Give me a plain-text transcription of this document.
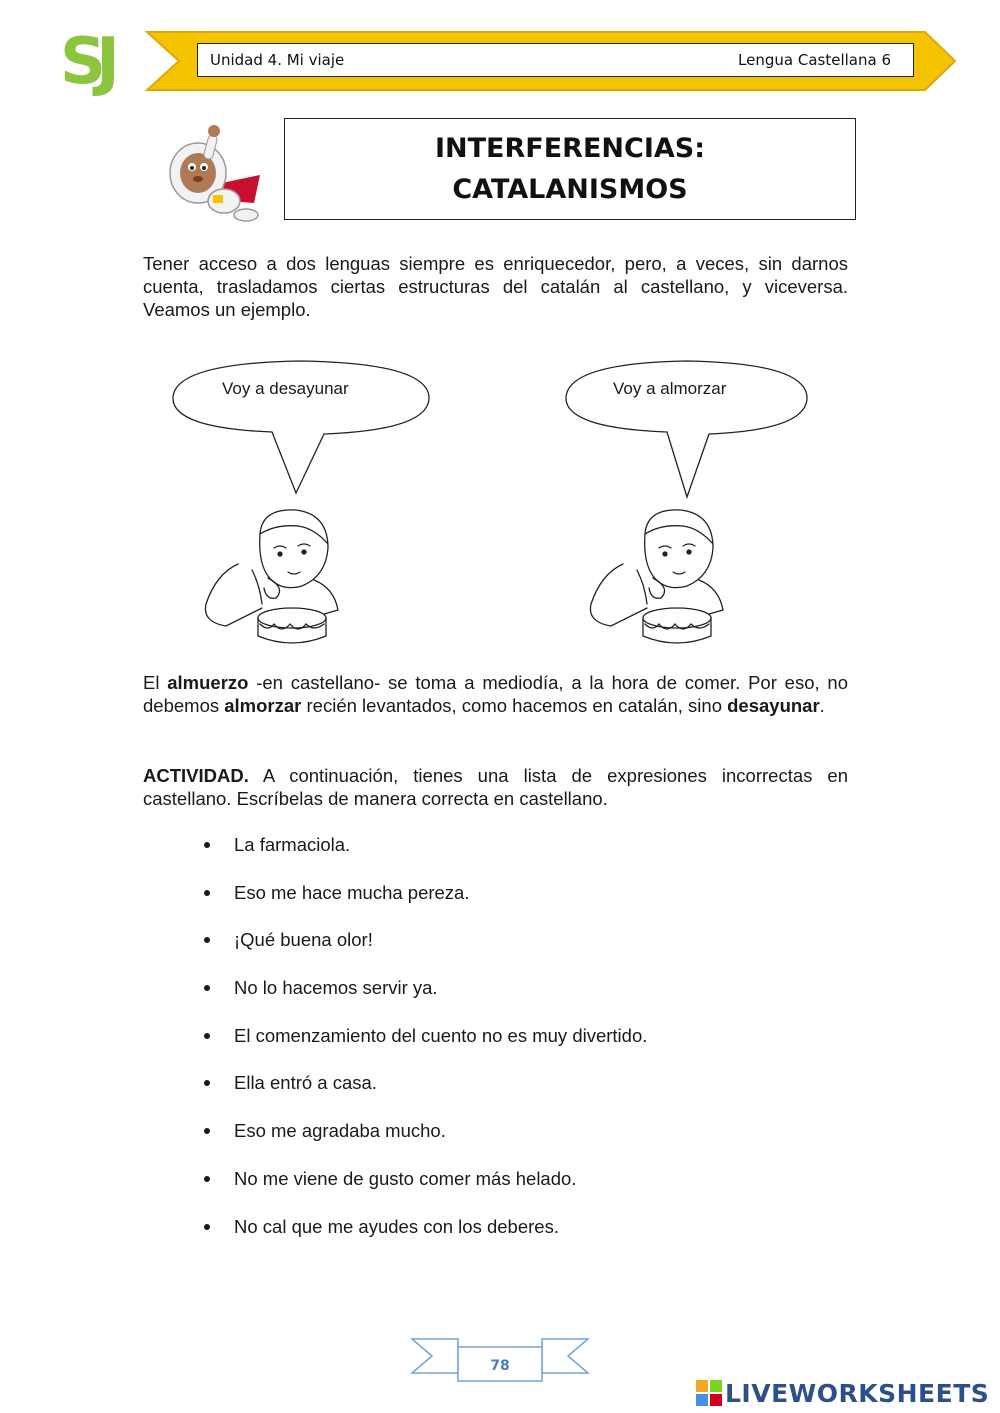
SJ	Unidad 4. Mi viaje	Lengua Castellana 6
INTERFERENCIAS:
CATALANISMOS
Tener acceso a dos lenguas siempre es enriquecedor, pero, a veces, sin darnos cuenta, trasladamos ciertas estructuras del catalán al castellano, y viceversa. Veamos un ejemplo.
Voy a desayunar	Voy a almorzar
El almuerzo -en castellano- se toma a mediodía, a la hora de comer. Por eso, no debemos almorzar recién levantados, como hacemos en catalán, sino desayunar.
ACTIVIDAD. A continuación, tienes una lista de expresiones incorrectas en castellano. Escríbelas de manera correcta en castellano.
La farmaciola.
Eso me hace mucha pereza.
¡Qué buena olor!
No lo hacemos servir ya.
El comenzamiento del cuento no es muy divertido.
Ella entró a casa.
Eso me agradaba mucho.
No me viene de gusto comer más helado.
No cal que me ayudes con los deberes.
78
LIVEWORKSHEETS
